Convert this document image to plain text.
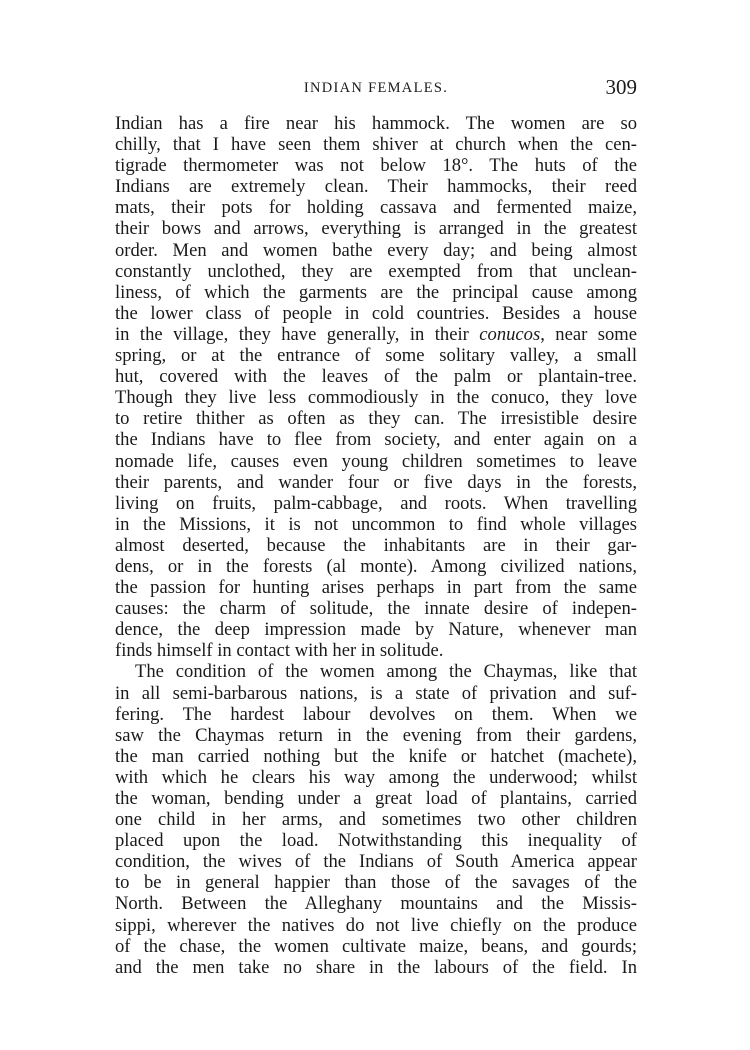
INDIAN FEMALES.	309
Indian has a fire near his hammock. The women are so
chilly, that I have seen them shiver at church when the cen-
tigrade thermometer was not below 18°. The huts of the
Indians are extremely clean. Their hammocks, their reed
mats, their pots for holding cassava and fermented maize,
their bows and arrows, everything is arranged in the greatest
order. Men and women bathe every day; and being almost
constantly unclothed, they are exempted from that unclean-
liness, of which the garments are the principal cause among
the lower class of people in cold countries. Besides a house
in the village, they have generally, in their conucos, near some
spring, or at the entrance of some solitary valley, a small
hut, covered with the leaves of the palm or plantain-tree.
Though they live less commodiously in the conuco, they love
to retire thither as often as they can. The irresistible desire
the Indians have to flee from society, and enter again on a
nomade life, causes even young children sometimes to leave
their parents, and wander four or five days in the forests,
living on fruits, palm-cabbage, and roots. When travelling
in the Missions, it is not uncommon to find whole villages
almost deserted, because the inhabitants are in their gar-
dens, or in the forests (al monte). Among civilized nations,
the passion for hunting arises perhaps in part from the same
causes: the charm of solitude, the innate desire of indepen-
dence, the deep impression made by Nature, whenever man
finds himself in contact with her in solitude.
The condition of the women among the Chaymas, like that
in all semi-barbarous nations, is a state of privation and suf-
fering. The hardest labour devolves on them. When we
saw the Chaymas return in the evening from their gardens,
the man carried nothing but the knife or hatchet (machete),
with which he clears his way among the underwood; whilst
the woman, bending under a great load of plantains, carried
one child in her arms, and sometimes two other children
placed upon the load. Notwithstanding this inequality of
condition, the wives of the Indians of South America appear
to be in general happier than those of the savages of the
North. Between the Alleghany mountains and the Missis-
sippi, wherever the natives do not live chiefly on the produce
of the chase, the women cultivate maize, beans, and gourds;
and the men take no share in the labours of the field. In
